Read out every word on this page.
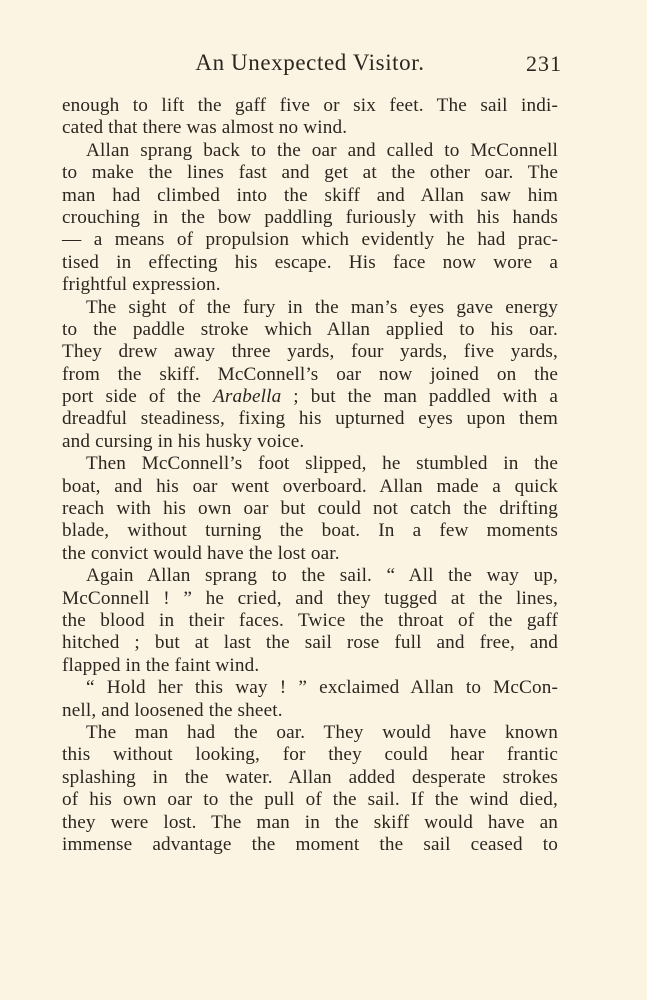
An Unexpected Visitor.	231
enough to lift the gaff five or six feet. The sail indi-
cated that there was almost no wind.
Allan sprang back to the oar and called to McConnell
to make the lines fast and get at the other oar. The
man had climbed into the skiff and Allan saw him
crouching in the bow paddling furiously with his hands
— a means of propulsion which evidently he had prac-
tised in effecting his escape. His face now wore a
frightful expression.
The sight of the fury in the man’s eyes gave energy
to the paddle stroke which Allan applied to his oar.
They drew away three yards, four yards, five yards,
from the skiff. McConnell’s oar now joined on the
port side of the Arabella ; but the man paddled with a
dreadful steadiness, fixing his upturned eyes upon them
and cursing in his husky voice.
Then McConnell’s foot slipped, he stumbled in the
boat, and his oar went overboard. Allan made a quick
reach with his own oar but could not catch the drifting
blade, without turning the boat. In a few moments
the convict would have the lost oar.
Again Allan sprang to the sail. “ All the way up,
McConnell ! ” he cried, and they tugged at the lines,
the blood in their faces. Twice the throat of the gaff
hitched ; but at last the sail rose full and free, and
flapped in the faint wind.
“ Hold her this way ! ” exclaimed Allan to McCon-
nell, and loosened the sheet.
The man had the oar. They would have known
this without looking, for they could hear frantic
splashing in the water. Allan added desperate strokes
of his own oar to the pull of the sail. If the wind died,
they were lost. The man in the skiff would have an
immense advantage the moment the sail ceased to
